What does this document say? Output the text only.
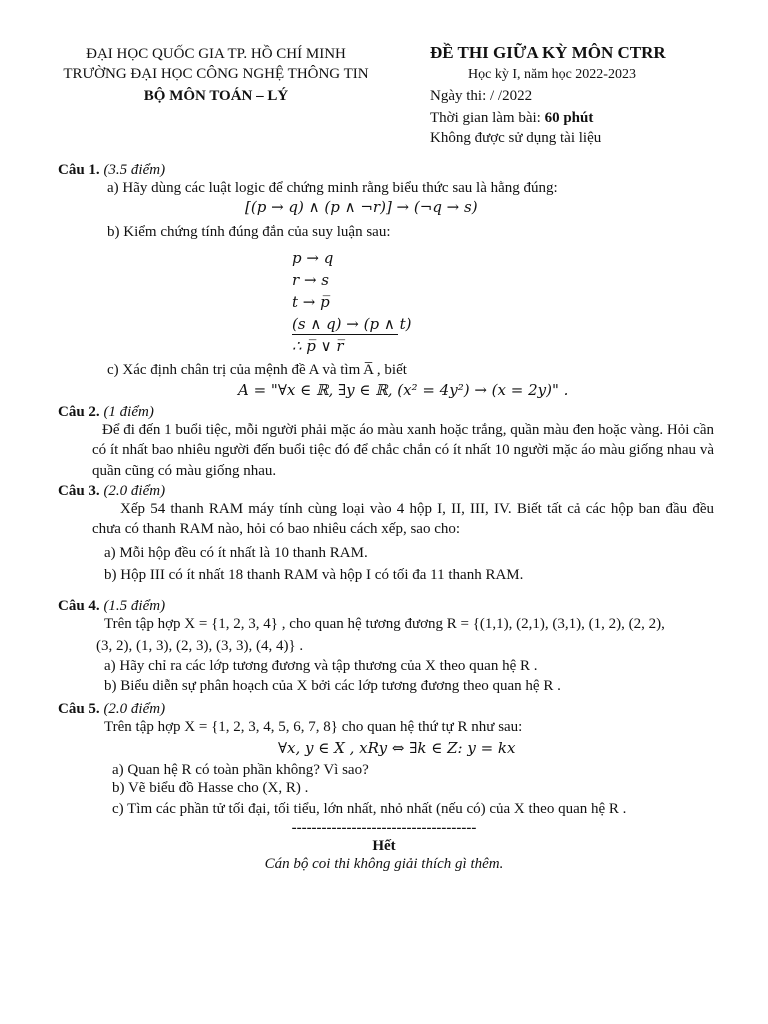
ĐẠI HỌC QUỐC GIA TP. HỒ CHÍ MINH
TRƯỜNG ĐẠI HỌC CÔNG NGHỆ THÔNG TIN
BỘ MÔN TOÁN – LÝ
ĐỀ THI GIỮA KỲ MÔN CTRR
Học kỳ I, năm học 2022-2023
Ngày thi: / /2022
Thời gian làm bài: 60 phút
Không được sử dụng tài liệu
Câu 1. (3.5 điểm)
a) Hãy dùng các luật logic để chứng minh rằng biểu thức sau là hằng đúng:
[(p → q) ∧ (p ∧ ¬r)] → (¬q → s)
b) Kiểm chứng tính đúng đắn của suy luận sau:
p → q
r → s
t → p̅
(s ∧ q) → (p ∧ t)
∴ p̅ ∨ r̅
c) Xác định chân trị của mệnh đề A và tìm A̅ , biết
A = "∀x ∈ ℝ, ∃y ∈ ℝ, (x² = 4y²) → (x = 2y)" .
Câu 2. (1 điểm)
Để đi đến 1 buổi tiệc, mỗi người phải mặc áo màu xanh hoặc trắng, quần màu đen hoặc vàng. Hỏi cần có ít nhất bao nhiêu người đến buổi tiệc đó để chắc chắn có ít nhất 10 người mặc áo màu giống nhau và quần cũng có màu giống nhau.
Câu 3. (2.0 điểm)
Xếp 54 thanh RAM máy tính cùng loại vào 4 hộp I, II, III, IV. Biết tất cả các hộp ban đầu đều chưa có thanh RAM nào, hỏi có bao nhiêu cách xếp, sao cho:
a) Mỗi hộp đều có ít nhất là 10 thanh RAM.
b) Hộp III có ít nhất 18 thanh RAM và hộp I có tối đa 11 thanh RAM.
Câu 4. (1.5 điểm)
Trên tập hợp X = {1, 2, 3, 4} , cho quan hệ tương đương R = {(1,1), (2,1), (3,1), (1, 2), (2, 2),
(3, 2), (1, 3), (2, 3), (3, 3), (4, 4)} .
a) Hãy chỉ ra các lớp tương đương và tập thương của X theo quan hệ R .
b) Biểu diễn sự phân hoạch của X bởi các lớp tương đương theo quan hệ R .
Câu 5. (2.0 điểm)
Trên tập hợp X = {1, 2, 3, 4, 5, 6, 7, 8} cho quan hệ thứ tự R như sau:
∀x, y ∈ X , xRy ⇔ ∃k ∈ Z: y = kx
a) Quan hệ R có toàn phần không? Vì sao?
b) Vẽ biểu đồ Hasse cho (X, R) .
c) Tìm các phần tử tối đại, tối tiểu, lớn nhất, nhỏ nhất (nếu có) của X theo quan hệ R .
-------------------------------------
Hết
Cán bộ coi thi không giải thích gì thêm.
